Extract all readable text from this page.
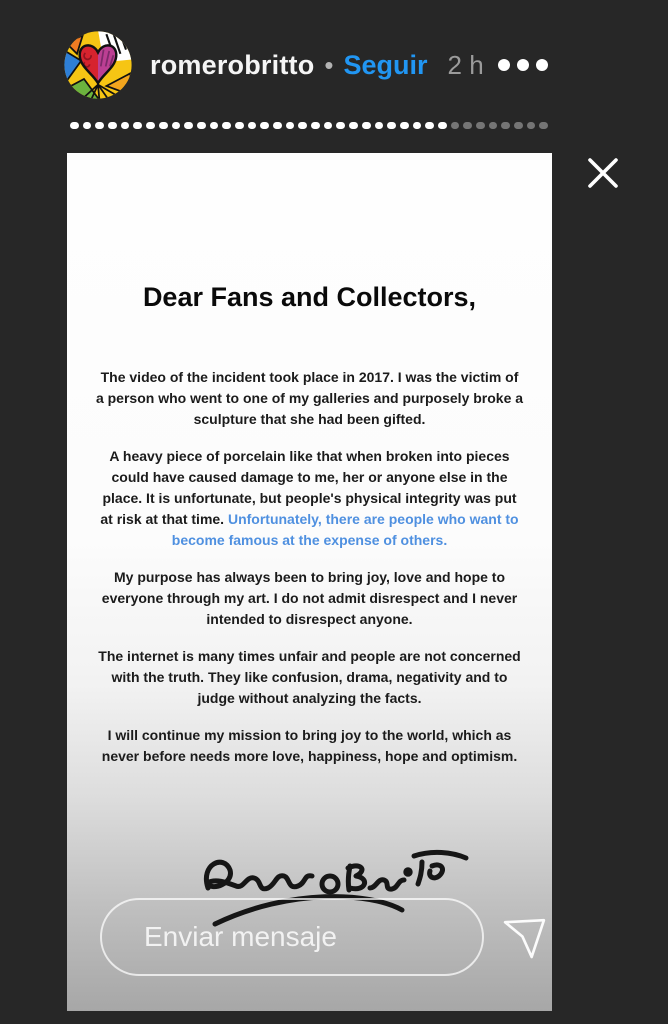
romerobritto • Seguir 2 h
Dear Fans and Collectors,

The video of the incident took place in 2017. I was the victim of a person who went to one of my galleries and purposely broke a sculpture that she had been gifted.

A heavy piece of porcelain like that when broken into pieces could have caused damage to me, her or anyone else in the place. It is unfortunate, but people's physical integrity was put at risk at that time. Unfortunately, there are people who want to become famous at the expense of others.

My purpose has always been to bring joy, love and hope to everyone through my art. I do not admit disrespect and I never intended to disrespect anyone.

The internet is many times unfair and people are not concerned with the truth. They like confusion, drama, negativity and to judge without analyzing the facts.

I will continue my mission to bring joy to the world, which as never before needs more love, happiness, hope and optimism.

Enviar mensaje
